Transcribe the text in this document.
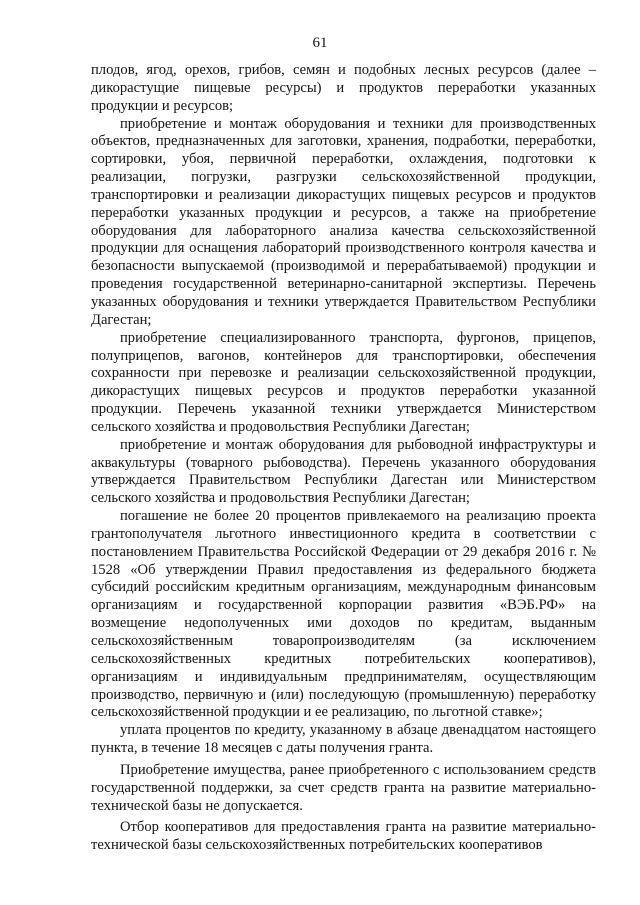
61

плодов, ягод, орехов, грибов, семян и подобных лесных ресурсов (далее – дикорастущие пищевые ресурсы) и продуктов переработки указанных продукции и ресурсов;

приобретение и монтаж оборудования и техники для производственных объектов, предназначенных для заготовки, хранения, подработки, переработки, сортировки, убоя, первичной переработки, охлаждения, подготовки к реализации, погрузки, разгрузки сельскохозяйственной продукции, транспортировки и реализации дикорастущих пищевых ресурсов и продуктов переработки указанных продукции и ресурсов, а также на приобретение оборудования для лабораторного анализа качества сельскохозяйственной продукции для оснащения лабораторий производственного контроля качества и безопасности выпускаемой (производимой и перерабатываемой) продукции и проведения государственной ветеринарно-санитарной экспертизы. Перечень указанных оборудования и техники утверждается Правительством Республики Дагестан;

приобретение специализированного транспорта, фургонов, прицепов, полуприцепов, вагонов, контейнеров для транспортировки, обеспечения сохранности при перевозке и реализации сельскохозяйственной продукции, дикорастущих пищевых ресурсов и продуктов переработки указанной продукции. Перечень указанной техники утверждается Министерством сельского хозяйства и продовольствия Республики Дагестан;

приобретение и монтаж оборудования для рыбоводной инфраструктуры и аквакультуры (товарного рыбоводства). Перечень указанного оборудования утверждается Правительством Республики Дагестан или Министерством сельского хозяйства и продовольствия Республики Дагестан;

погашение не более 20 процентов привлекаемого на реализацию проекта грантополучателя льготного инвестиционного кредита в соответствии с постановлением Правительства Российской Федерации от 29 декабря 2016 г. № 1528 «Об утверждении Правил предоставления из федерального бюджета субсидий российским кредитным организациям, международным финансовым организациям и государственной корпорации развития «ВЭБ.РФ» на возмещение недополученных ими доходов по кредитам, выданным сельскохозяйственным товаропроизводителям (за исключением сельскохозяйственных кредитных потребительских кооперативов), организациям и индивидуальным предпринимателям, осуществляющим производство, первичную и (или) последующую (промышленную) переработку сельскохозяйственной продукции и ее реализацию, по льготной ставке»;

уплата процентов по кредиту, указанному в абзаце двенадцатом настоящего пункта, в течение 18 месяцев с даты получения гранта.

Приобретение имущества, ранее приобретенного с использованием средств государственной поддержки, за счет средств гранта на развитие материально-технической базы не допускается.

Отбор кооперативов для предоставления гранта на развитие материально-технической базы сельскохозяйственных потребительских кооперативов
